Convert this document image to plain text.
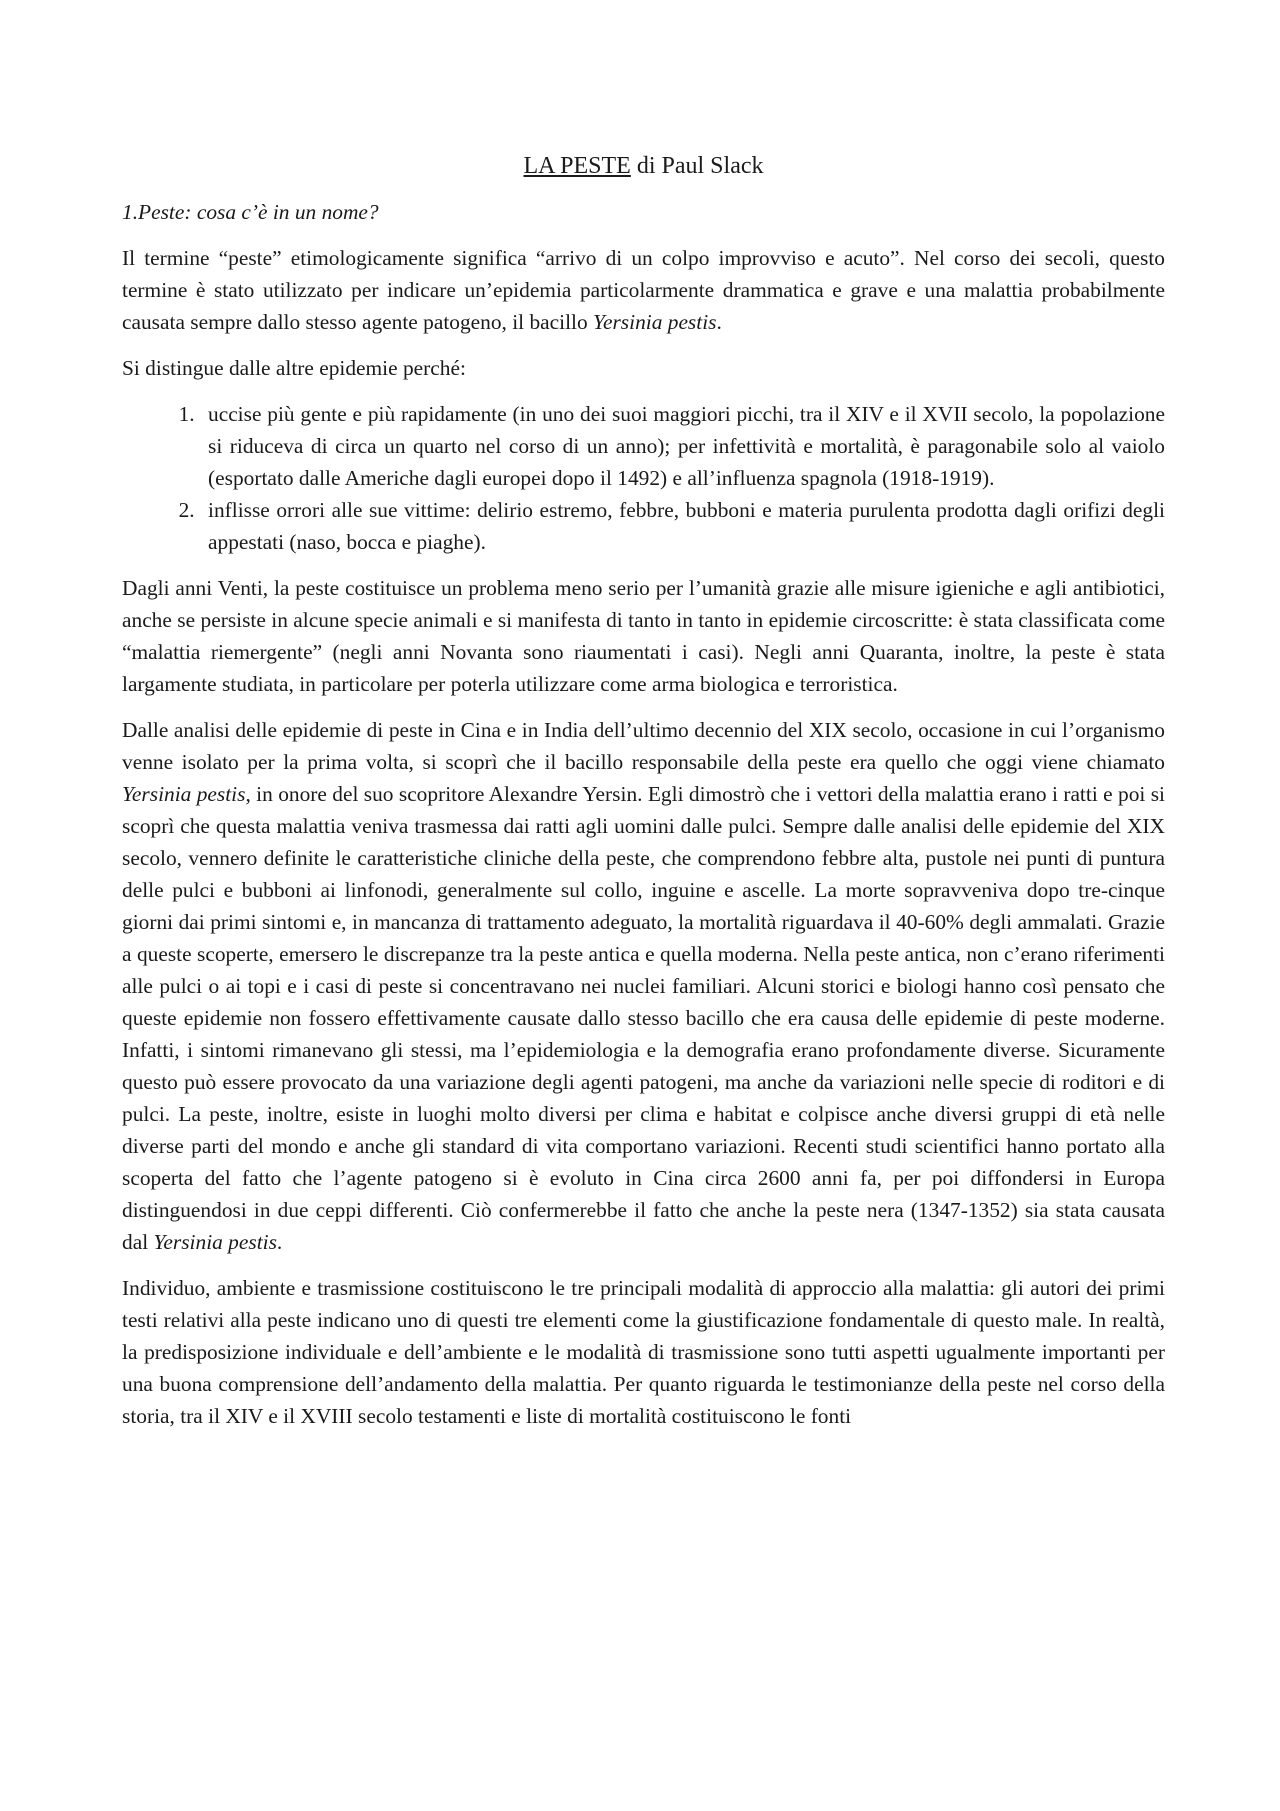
LA PESTE di Paul Slack
1.Peste: cosa c’è in un nome?

Il termine “peste” etimologicamente significa “arrivo di un colpo improvviso e acuto”. Nel corso dei secoli, questo termine è stato utilizzato per indicare un’epidemia particolarmente drammatica e grave e una malattia probabilmente causata sempre dallo stesso agente patogeno, il bacillo Yersinia pestis.

Si distingue dalle altre epidemie perché:

1. uccise più gente e più rapidamente (in uno dei suoi maggiori picchi, tra il XIV e il XVII secolo, la popolazione si riduceva di circa un quarto nel corso di un anno); per infettività e mortalità, è paragonabile solo al vaiolo (esportato dalle Americhe dagli europei dopo il 1492) e all’influenza spagnola (1918-1919).
2. inflisse orrori alle sue vittime: delirio estremo, febbre, bubboni e materia purulenta prodotta dagli orifizi degli appestati (naso, bocca e piaghe).

Dagli anni Venti, la peste costituisce un problema meno serio per l’umanità grazie alle misure igieniche e agli antibiotici, anche se persiste in alcune specie animali e si manifesta di tanto in tanto in epidemie circoscritte: è stata classificata come “malattia riemergente” (negli anni Novanta sono riaumentati i casi). Negli anni Quaranta, inoltre, la peste è stata largamente studiata, in particolare per poterla utilizzare come arma biologica e terroristica.

Dalle analisi delle epidemie di peste in Cina e in India dell’ultimo decennio del XIX secolo, occasione in cui l’organismo venne isolato per la prima volta, si scoprì che il bacillo responsabile della peste era quello che oggi viene chiamato Yersinia pestis, in onore del suo scopritore Alexandre Yersin. Egli dimostrò che i vettori della malattia erano i ratti e poi si scoprì che questa malattia veniva trasmessa dai ratti agli uomini dalle pulci. Sempre dalle analisi delle epidemie del XIX secolo, vennero definite le caratteristiche cliniche della peste, che comprendono febbre alta, pustole nei punti di puntura delle pulci e bubboni ai linfonodi, generalmente sul collo, inguine e ascelle. La morte sopravveniva dopo tre-cinque giorni dai primi sintomi e, in mancanza di trattamento adeguato, la mortalità riguardava il 40-60% degli ammalati. Grazie a queste scoperte, emersero le discrepanze tra la peste antica e quella moderna. Nella peste antica, non c’erano riferimenti alle pulci o ai topi e i casi di peste si concentravano nei nuclei familiari. Alcuni storici e biologi hanno così pensato che queste epidemie non fossero effettivamente causate dallo stesso bacillo che era causa delle epidemie di peste moderne. Infatti, i sintomi rimanevano gli stessi, ma l’epidemiologia e la demografia erano profondamente diverse. Sicuramente questo può essere provocato da una variazione degli agenti patogeni, ma anche da variazioni nelle specie di roditori e di pulci. La peste, inoltre, esiste in luoghi molto diversi per clima e habitat e colpisce anche diversi gruppi di età nelle diverse parti del mondo e anche gli standard di vita comportano variazioni. Recenti studi scientifici hanno portato alla scoperta del fatto che l’agente patogeno si è evoluto in Cina circa 2600 anni fa, per poi diffondersi in Europa distinguendosi in due ceppi differenti. Ciò confermerebbe il fatto che anche la peste nera (1347-1352) sia stata causata dal Yersinia pestis.

Individuo, ambiente e trasmissione costituiscono le tre principali modalità di approccio alla malattia: gli autori dei primi testi relativi alla peste indicano uno di questi tre elementi come la giustificazione fondamentale di questo male. In realtà, la predisposizione individuale e dell’ambiente e le modalità di trasmissione sono tutti aspetti ugualmente importanti per una buona comprensione dell’andamento della malattia. Per quanto riguarda le testimonianze della peste nel corso della storia, tra il XIV e il XVIII secolo testamenti e liste di mortalità costituiscono le fonti
